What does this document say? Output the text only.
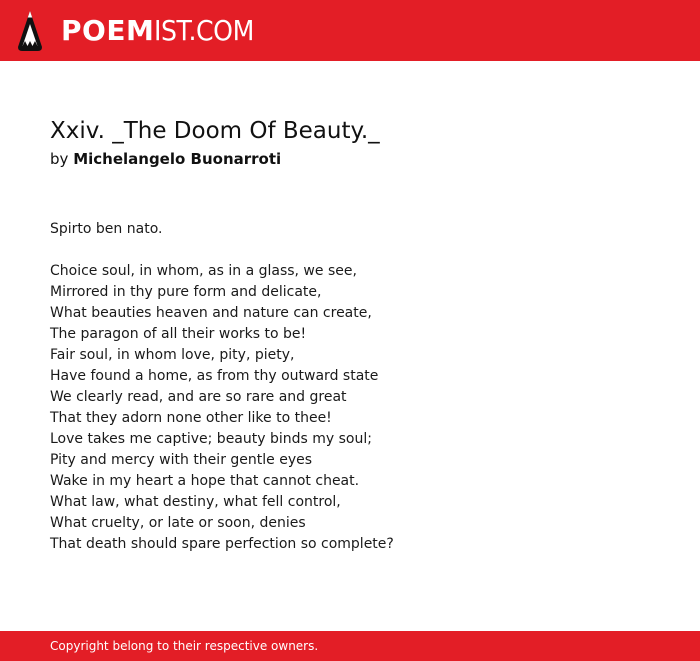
POEMIST.COM
Xxiv. _The Doom Of Beauty._
by Michelangelo Buonarroti
Spirto ben nato.
Choice soul, in whom, as in a glass, we see,
Mirrored in thy pure form and delicate,
What beauties heaven and nature can create,
The paragon of all their works to be!
Fair soul, in whom love, pity, piety,
Have found a home, as from thy outward state
We clearly read, and are so rare and great
That they adorn none other like to thee!
Love takes me captive; beauty binds my soul;
Pity and mercy with their gentle eyes
Wake in my heart a hope that cannot cheat.
What law, what destiny, what fell control,
What cruelty, or late or soon, denies
That death should spare perfection so complete?
Copyright belong to their respective owners.
